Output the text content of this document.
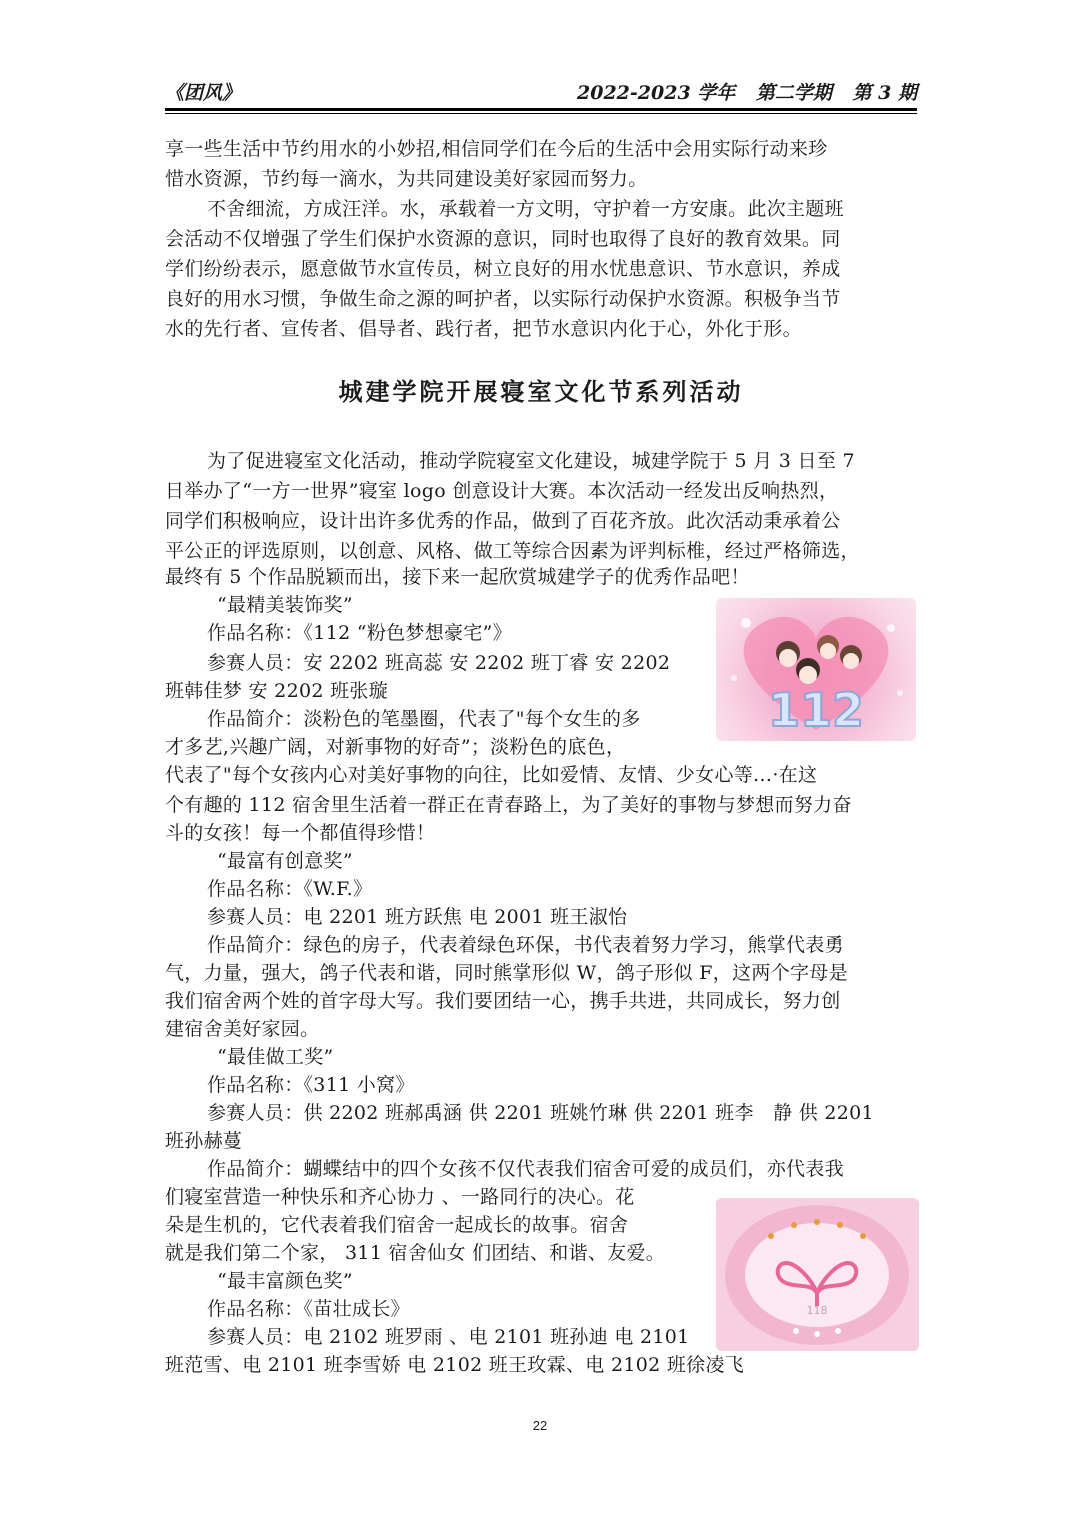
《团风》	2022-2023 学年 第二学期 第 3 期
享一些生活中节约用水的小妙招,相信同学们在今后的生活中会用实际行动来珍
惜水资源，节约每一滴水，为共同建设美好家园而努力。
不舍细流，方成汪洋。水，承载着一方文明，守护着一方安康。此次主题班
会活动不仅增强了学生们保护水资源的意识，同时也取得了良好的教育效果。同
学们纷纷表示，愿意做节水宣传员，树立良好的用水忧患意识、节水意识，养成
良好的用水习惯，争做生命之源的呵护者，以实际行动保护水资源。积极争当节
水的先行者、宣传者、倡导者、践行者，把节水意识内化于心，外化于形。
城建学院开展寝室文化节系列活动
为了促进寝室文化活动，推动学院寝室文化建设，城建学院于 5 月 3 日至 7
日举办了“一方一世界”寝室 logo 创意设计大赛。本次活动一经发出反响热烈，
同学们积极响应，设计出许多优秀的作品，做到了百花齐放。此次活动秉承着公
平公正的评选原则，以创意、风格、做工等综合因素为评判标椎，经过严格筛选，
最终有 5 个作品脱颖而出，接下来一起欣赏城建学子的优秀作品吧！
“最精美装饰奖”
作品名称：《112 “粉色梦想豪宅”》
参赛人员：安 2202 班高蕊 安 2202 班丁睿 安 2202
班韩佳梦 安 2202 班张璇
作品简介：淡粉色的笔墨圈，代表了"每个女生的多
才多艺,兴趣广阔，对新事物的好奇”；淡粉色的底色，
代表了"每个女孩内心对美好事物的向往，比如爱情、友情、少女心等…·在这
个有趣的 112 宿舍里生活着一群正在青春路上，为了美好的事物与梦想而努力奋
斗的女孩！每一个都值得珍惜！
“最富有创意奖”
作品名称：《W.F.》
参赛人员：电 2201 班方跃焦 电 2001 班王淑怡
作品简介：绿色的房子，代表着绿色环保，书代表着努力学习，熊掌代表勇
气，力量，强大，鸽子代表和谐，同时熊掌形似 W，鸽子形似 F，这两个字母是
我们宿舍两个姓的首字母大写。我们要团结一心，携手共进，共同成长，努力创
建宿舍美好家园。
“最佳做工奖”
作品名称：《311 小窝》
参赛人员：供 2202 班郝禹涵 供 2201 班姚竹琳 供 2201 班李　静 供 2201
班孙赫蔓
作品简介：蝴蝶结中的四个女孩不仅代表我们宿舍可爱的成员们，亦代表我
们寝室营造一种快乐和齐心协力 、一路同行的决心。花
朵是生机的，它代表着我们宿舍一起成长的故事。宿舍
就是我们第二个家， 311 宿舍仙女 们团结、和谐、友爱。
“最丰富颜色奖”
作品名称：《苗壮成长》
参赛人员：电 2102 班罗雨 、电 2101 班孙迪 电 2101
班范雪、电 2101 班李雪娇 电 2102 班王玫霖、电 2102 班徐凌飞
112
118
22
